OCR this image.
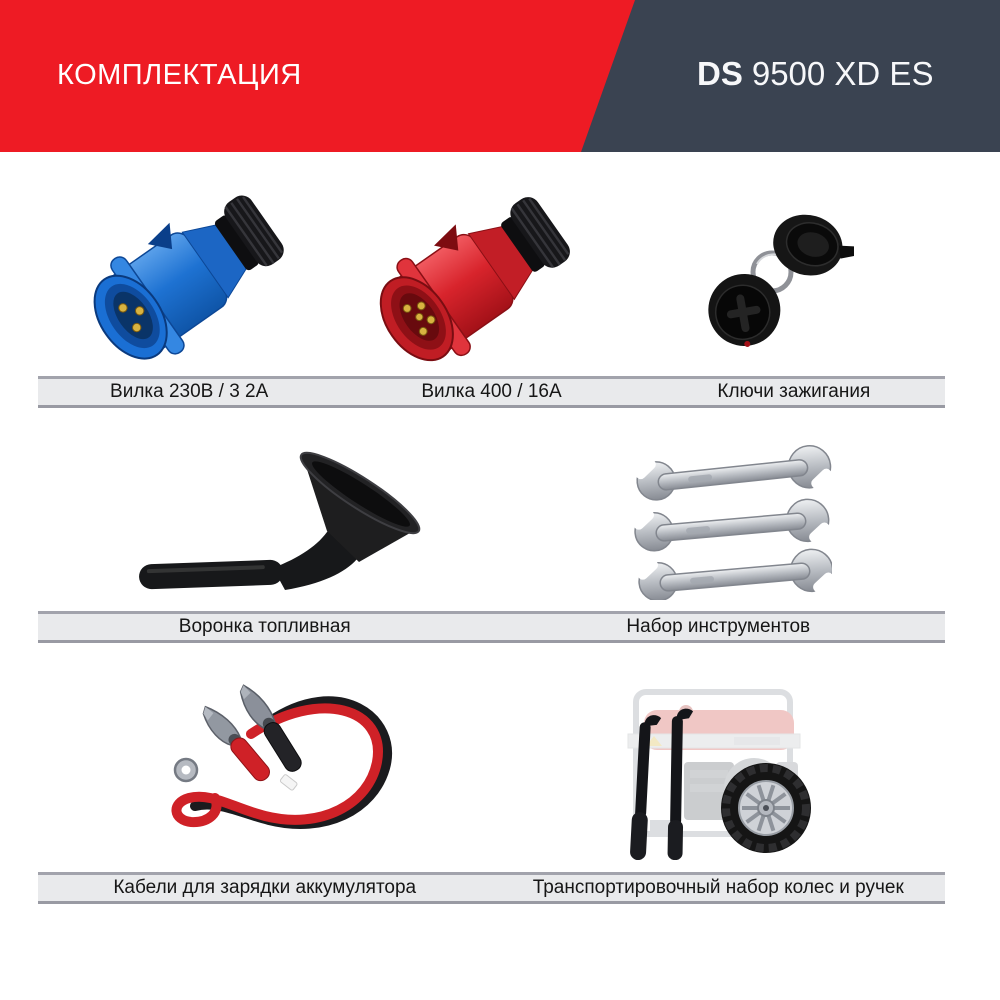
КОМПЛЕКТАЦИЯ	DS 9500 XD ES
Вилка 230В / 3 2А	Вилка 400 / 16А	Ключи зажигания
Воронка топливная	Набор инструментов
Кабели для зарядки аккумулятора	Транспортировочный набор колес и ручек
